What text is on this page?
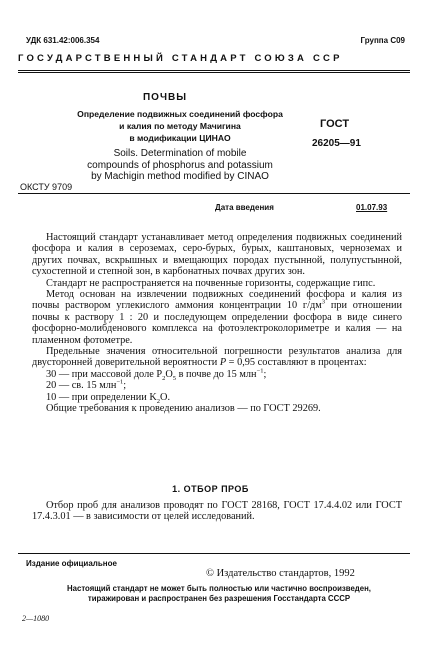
УДК 631.42:006.354	Группа С09
ГОСУДАРСТВЕННЫЙ СТАНДАРТ СОЮЗА ССР
ПОЧВЫ
Определение подвижных соединений фосфора
и калия по методу Мачигина
в модификации ЦИНАО
Soils. Determination of mobile
compounds of phosphorus and potassium
by Machigin method modified by CINAO
ГОСТ
26205—91
ОКСТУ 9709
Дата введения	01.07.93

Настоящий стандарт устанавливает метод определения подвижных соединений фосфора и калия в сероземах, серо-бурых, бурых, каштановых, черноземах и других почвах, вскрышных и вмещающих породах пустынной, полупустынной, сухостепной и степной зон, в карбонатных почвах других зон.

Стандарт не распространяется на почвенные горизонты, содержащие гипс.

Метод основан на извлечении подвижных соединений фосфора и калия из почвы раствором углекислого аммония концентрации 10 $г/дм^3$ при отношении почвы к раствору 1 : 20 и последующем определении фосфора в виде синего фосфорно-молибденового комплекса на фотоэлектроколориметре и калия — на пламенном фотометре.

Предельные значения относительной погрешности результатов анализа для двусторонней доверительной вероятности P = 0,95 составляют в процентах:

30 — при массовой доле $P_2O_5$ в почве до 15 млн$^{-1}$;

20 — св. 15 млн$^{-1}$;

10 — при определении $K_2O$.

Общие требования к проведению анализов — по ГОСТ 29269.

1. ОТБОР ПРОБ

Отбор проб для анализов проводят по ГОСТ 28168, ГОСТ 17.4.4.02 или ГОСТ 17.4.3.01 — в зависимости от целей исследований.

Издание официальное
© Издательство стандартов, 1992
Настоящий стандарт не может быть полностью или частично воспроизведен,
тиражирован и распространен без разрешения Госстандарта СССР
2—1080
